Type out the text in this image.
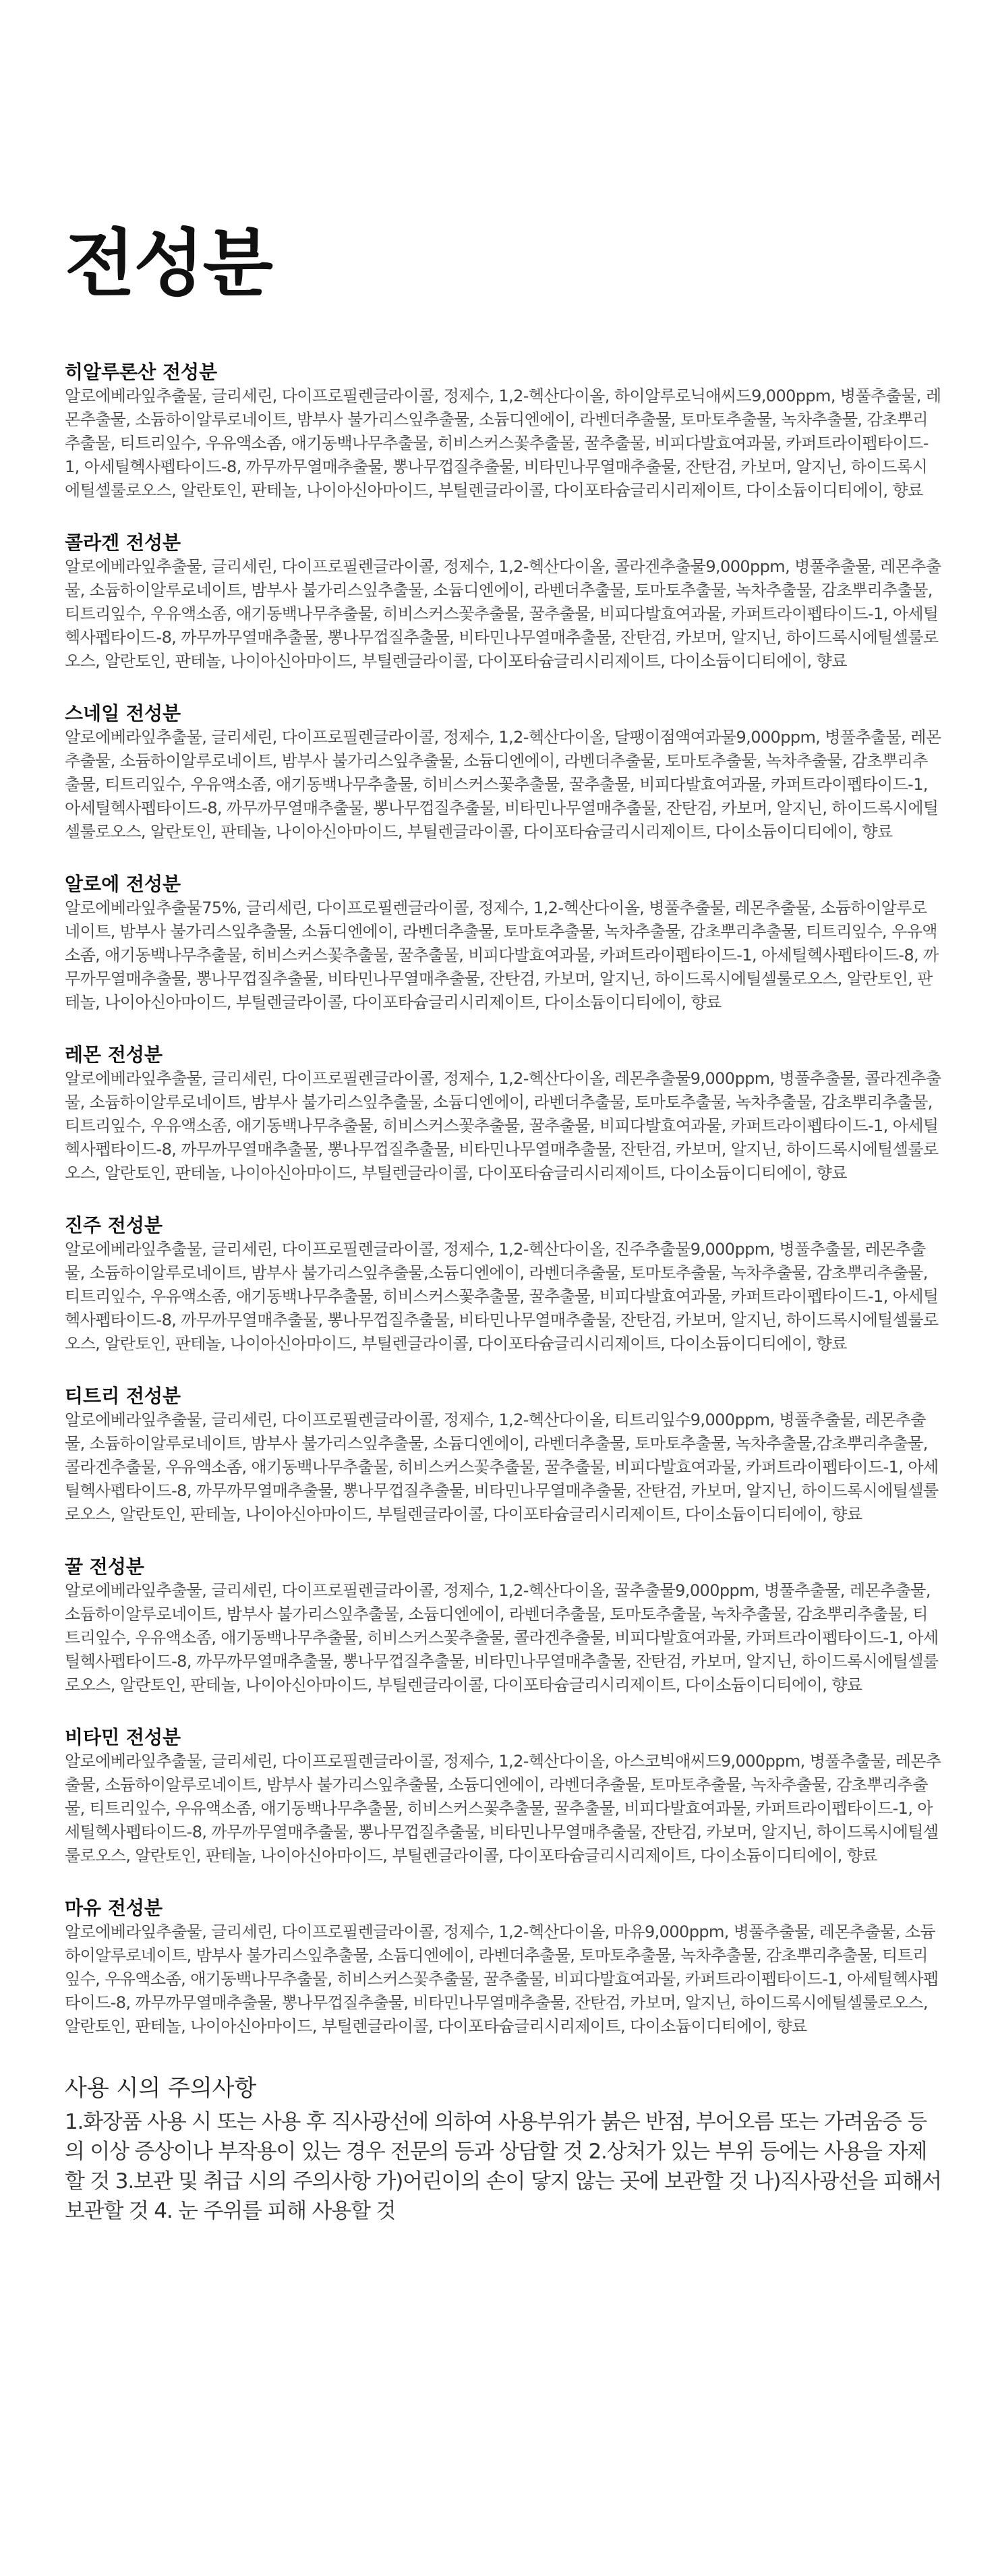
전성분
히알루론산 전성분

알로에베라잎추출물, 글리세린, 다이프로필렌글라이콜, 정제수, 1,2-헥산다이올, 하이알루로닉애씨드9,000ppm, 병풀추출물, 레몬추출물, 소듐하이알루로네이트, 밤부사 불가리스잎추출물, 소듐디엔에이, 라벤더추출물, 토마토추출물, 녹차추출물, 감초뿌리추출물, 티트리잎수, 우유액소좀, 애기동백나무추출물, 히비스커스꽃추출물, 꿀추출물, 비피다발효여과물, 카퍼트라이펩타이드-1, 아세틸헥사펩타이드-8, 까무까무열매추출물, 뽕나무껍질추출물, 비타민나무열매추출물, 잔탄검, 카보머, 알지닌, 하이드록시에틸셀룰로오스, 알란토인, 판테놀, 나이아신아마이드, 부틸렌글라이콜, 다이포타슘글리시리제이트, 다이소듐이디티에이, 향료

콜라겐 전성분

알로에베라잎추출물, 글리세린, 다이프로필렌글라이콜, 정제수, 1,2-헥산다이올, 콜라겐추출물9,000ppm, 병풀추출물, 레몬추출물, 소듐하이알루로네이트, 밤부사 불가리스잎추출물, 소듐디엔에이, 라벤더추출물, 토마토추출물, 녹차추출물, 감초뿌리추출물, 티트리잎수, 우유액소좀, 애기동백나무추출물, 히비스커스꽃추출물, 꿀추출물, 비피다발효여과물, 카퍼트라이펩타이드-1, 아세틸헥사펩타이드-8, 까무까무열매추출물, 뽕나무껍질추출물, 비타민나무열매추출물, 잔탄검, 카보머, 알지닌, 하이드록시에틸셀룰로오스, 알란토인, 판테놀, 나이아신아마이드, 부틸렌글라이콜, 다이포타슘글리시리제이트, 다이소듐이디티에이, 향료

스네일 전성분

알로에베라잎추출물, 글리세린, 다이프로필렌글라이콜, 정제수, 1,2-헥산다이올, 달팽이점액여과물9,000ppm, 병풀추출물, 레몬추출물, 소듐하이알루로네이트, 밤부사 불가리스잎추출물, 소듐디엔에이, 라벤더추출물, 토마토추출물, 녹차추출물, 감초뿌리추출물, 티트리잎수, 우유액소좀, 애기동백나무추출물, 히비스커스꽃추출물, 꿀추출물, 비피다발효여과물, 카퍼트라이펩타이드-1, 아세틸헥사펩타이드-8, 까무까무열매추출물, 뽕나무껍질추출물, 비타민나무열매추출물, 잔탄검, 카보머, 알지닌, 하이드록시에틸셀룰로오스, 알란토인, 판테놀, 나이아신아마이드, 부틸렌글라이콜, 다이포타슘글리시리제이트, 다이소듐이디티에이, 향료

알로에 전성분

알로에베라잎추출물75%, 글리세린, 다이프로필렌글라이콜, 정제수, 1,2-헥산다이올, 병풀추출물, 레몬추출물, 소듐하이알루로네이트, 밤부사 불가리스잎추출물, 소듐디엔에이, 라벤더추출물, 토마토추출물, 녹차추출물, 감초뿌리추출물, 티트리잎수, 우유액소좀, 애기동백나무추출물, 히비스커스꽃추출물, 꿀추출물, 비피다발효여과물, 카퍼트라이펩타이드-1, 아세틸헥사펩타이드-8, 까무까무열매추출물, 뽕나무껍질추출물, 비타민나무열매추출물, 잔탄검, 카보머, 알지닌, 하이드록시에틸셀룰로오스, 알란토인, 판테놀, 나이아신아마이드, 부틸렌글라이콜, 다이포타슘글리시리제이트, 다이소듐이디티에이, 향료

레몬 전성분

알로에베라잎추출물, 글리세린, 다이프로필렌글라이콜, 정제수, 1,2-헥산다이올, 레몬추출물9,000ppm, 병풀추출물, 콜라겐추출물, 소듐하이알루로네이트, 밤부사 불가리스잎추출물, 소듐디엔에이, 라벤더추출물, 토마토추출물, 녹차추출물, 감초뿌리추출물, 티트리잎수, 우유액소좀, 애기동백나무추출물, 히비스커스꽃추출물, 꿀추출물, 비피다발효여과물, 카퍼트라이펩타이드-1, 아세틸헥사펩타이드-8, 까무까무열매추출물, 뽕나무껍질추출물, 비타민나무열매추출물, 잔탄검, 카보머, 알지닌, 하이드록시에틸셀룰로오스, 알란토인, 판테놀, 나이아신아마이드, 부틸렌글라이콜, 다이포타슘글리시리제이트, 다이소듐이디티에이, 향료

진주 전성분

알로에베라잎추출물, 글리세린, 다이프로필렌글라이콜, 정제수, 1,2-헥산다이올, 진주추출물9,000ppm, 병풀추출물, 레몬추출물, 소듐하이알루로네이트, 밤부사 불가리스잎추출물,소듐디엔에이, 라벤더추출물, 토마토추출물, 녹차추출물, 감초뿌리추출물, 티트리잎수, 우유액소좀, 애기동백나무추출물, 히비스커스꽃추출물, 꿀추출물, 비피다발효여과물, 카퍼트라이펩타이드-1, 아세틸헥사펩타이드-8, 까무까무열매추출물, 뽕나무껍질추출물, 비타민나무열매추출물, 잔탄검, 카보머, 알지닌, 하이드록시에틸셀룰로오스, 알란토인, 판테놀, 나이아신아마이드, 부틸렌글라이콜, 다이포타슘글리시리제이트, 다이소듐이디티에이, 향료

티트리 전성분

알로에베라잎추출물, 글리세린, 다이프로필렌글라이콜, 정제수, 1,2-헥산다이올, 티트리잎수9,000ppm, 병풀추출물, 레몬추출물, 소듐하이알루로네이트, 밤부사 불가리스잎추출물, 소듐디엔에이, 라벤더추출물, 토마토추출물, 녹차추출물,감초뿌리추출물, 콜라겐추출물, 우유액소좀, 애기동백나무추출물, 히비스커스꽃추출물, 꿀추출물, 비피다발효여과물, 카퍼트라이펩타이드-1, 아세틸헥사펩타이드-8, 까무까무열매추출물, 뽕나무껍질추출물, 비타민나무열매추출물, 잔탄검, 카보머, 알지닌, 하이드록시에틸셀룰로오스, 알란토인, 판테놀, 나이아신아마이드, 부틸렌글라이콜, 다이포타슘글리시리제이트, 다이소듐이디티에이, 향료

꿀 전성분

알로에베라잎추출물, 글리세린, 다이프로필렌글라이콜, 정제수, 1,2-헥산다이올, 꿀추출물9,000ppm, 병풀추출물, 레몬추출물, 소듐하이알루로네이트, 밤부사 불가리스잎추출물, 소듐디엔에이, 라벤더추출물, 토마토추출물, 녹차추출물, 감초뿌리추출물, 티트리잎수, 우유액소좀, 애기동백나무추출물, 히비스커스꽃추출물, 콜라겐추출물, 비피다발효여과물, 카퍼트라이펩타이드-1, 아세틸헥사펩타이드-8, 까무까무열매추출물, 뽕나무껍질추출물, 비타민나무열매추출물, 잔탄검, 카보머, 알지닌, 하이드록시에틸셀룰로오스, 알란토인, 판테놀, 나이아신아마이드, 부틸렌글라이콜, 다이포타슘글리시리제이트, 다이소듐이디티에이, 향료

비타민 전성분

알로에베라잎추출물, 글리세린, 다이프로필렌글라이콜, 정제수, 1,2-헥산다이올, 아스코빅애씨드9,000ppm, 병풀추출물, 레몬추출물, 소듐하이알루로네이트, 밤부사 불가리스잎추출물, 소듐디엔에이, 라벤더추출물, 토마토추출물, 녹차추출물, 감초뿌리추출물, 티트리잎수, 우유액소좀, 애기동백나무추출물, 히비스커스꽃추출물, 꿀추출물, 비피다발효여과물, 카퍼트라이펩타이드-1, 아세틸헥사펩타이드-8, 까무까무열매추출물, 뽕나무껍질추출물, 비타민나무열매추출물, 잔탄검, 카보머, 알지닌, 하이드록시에틸셀룰로오스, 알란토인, 판테놀, 나이아신아마이드, 부틸렌글라이콜, 다이포타슘글리시리제이트, 다이소듐이디티에이, 향료

마유 전성분

알로에베라잎추출물, 글리세린, 다이프로필렌글라이콜, 정제수, 1,2-헥산다이올, 마유9,000ppm, 병풀추출물, 레몬추출물, 소듐하이알루로네이트, 밤부사 불가리스잎추출물, 소듐디엔에이, 라벤더추출물, 토마토추출물, 녹차추출물, 감초뿌리추출물, 티트리잎수, 우유액소좀, 애기동백나무추출물, 히비스커스꽃추출물, 꿀추출물, 비피다발효여과물, 카퍼트라이펩타이드-1, 아세틸헥사펩타이드-8, 까무까무열매추출물, 뽕나무껍질추출물, 비타민나무열매추출물, 잔탄검, 카보머, 알지닌, 하이드록시에틸셀룰로오스, 알란토인, 판테놀, 나이아신아마이드, 부틸렌글라이콜, 다이포타슘글리시리제이트, 다이소듐이디티에이, 향료

사용 시의 주의사항

1.화장품 사용 시 또는 사용 후 직사광선에 의하여 사용부위가 붉은 반점, 부어오름 또는 가려움증 등의 이상 증상이나 부작용이 있는 경우 전문의 등과 상담할 것 2.상처가 있는 부위 등에는 사용을 자제할 것 3.보관 및 취급 시의 주의사항 가)어린이의 손이 닿지 않는 곳에 보관할 것 나)직사광선을 피해서 보관할 것 4. 눈 주위를 피해 사용할 것
